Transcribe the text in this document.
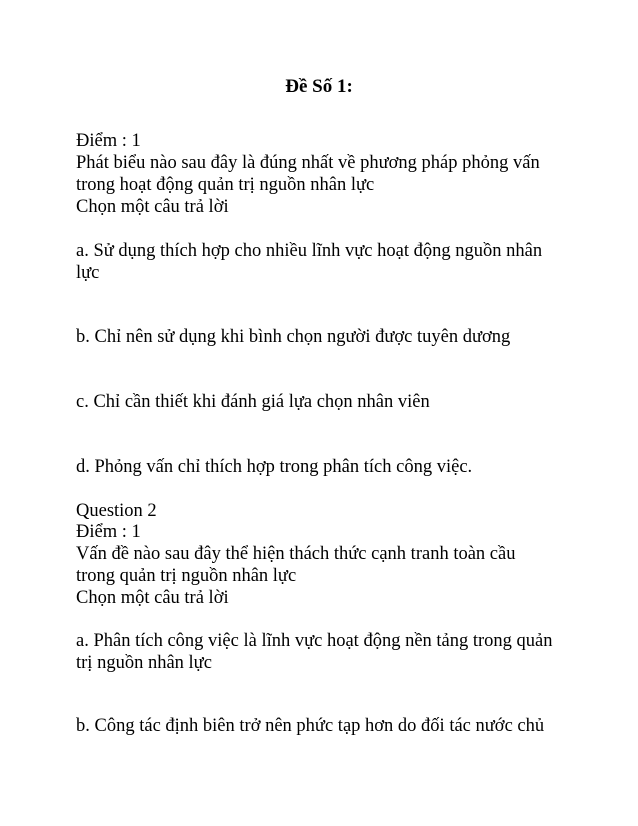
Đề Số 1:
Điểm : 1
Phát biểu nào sau đây là đúng nhất về phương pháp phỏng vấn
trong hoạt động quản trị nguồn nhân lực
Chọn một câu trả lời
a. Sử dụng thích hợp cho nhiều lĩnh vực hoạt động nguồn nhân
lực
b. Chỉ nên sử dụng khi bình chọn người được tuyên dương
c. Chỉ cần thiết khi đánh giá lựa chọn nhân viên
d. Phỏng vấn chỉ thích hợp trong phân tích công việc.
Question 2
Điểm : 1
Vấn đề nào sau đây thể hiện thách thức cạnh tranh toàn cầu
trong quản trị nguồn nhân lực
Chọn một câu trả lời
a. Phân tích công việc là lĩnh vực hoạt động nền tảng trong quản
trị nguồn nhân lực
b. Công tác định biên trở nên phức tạp hơn do đối tác nước chủ
